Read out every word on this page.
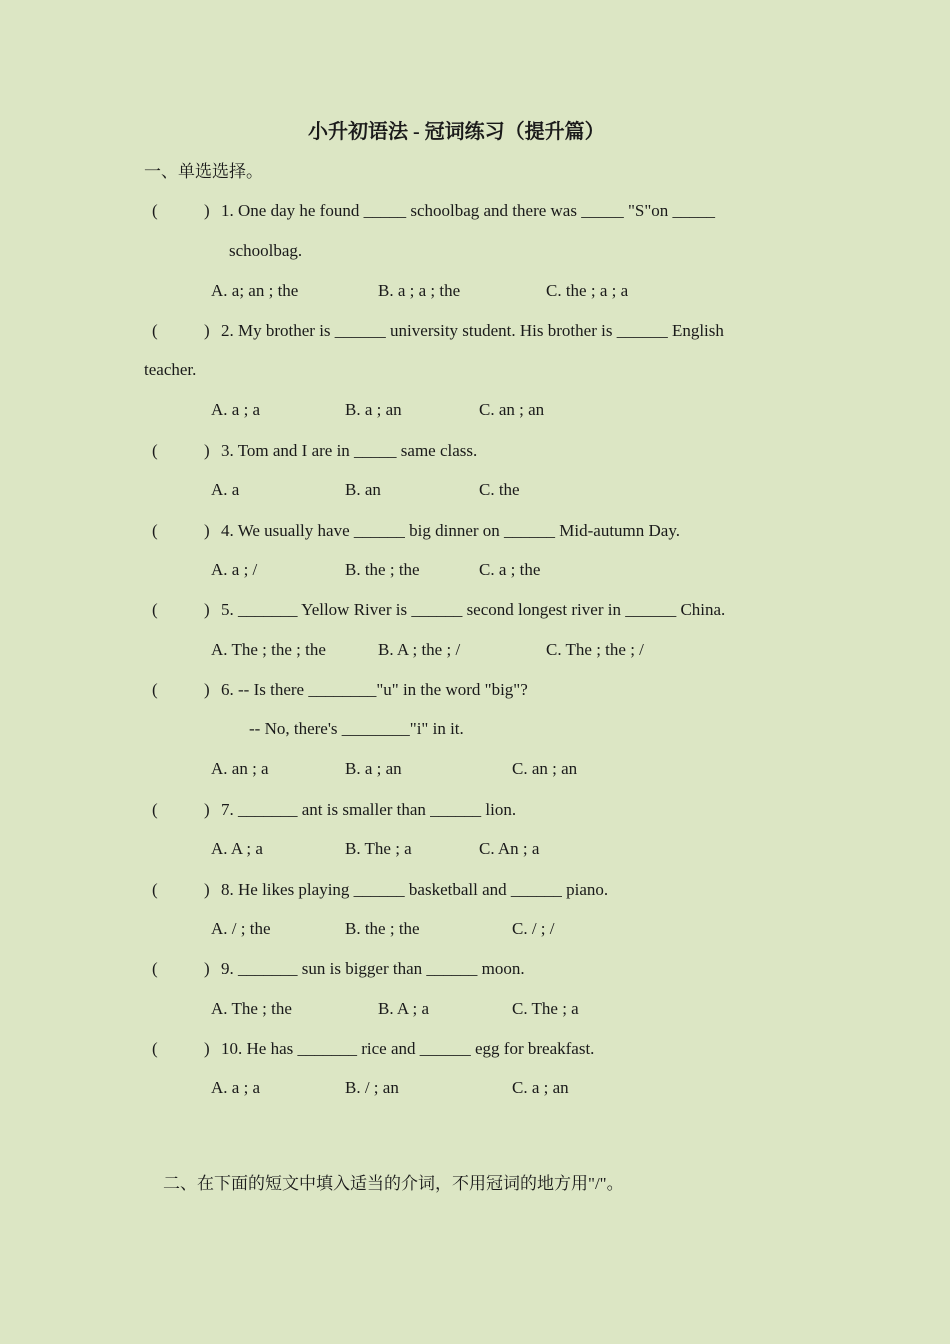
小升初语法 - 冠词练习（提升篇）
一、单选选择。
(	) 1. One day he found _____ schoolbag and there was _____ "S"on _____
schoolbag.
A. a; an ; the	B. a ; a ; the	C. the ; a ; a
(	) 2. My brother is ______ university student. His brother is ______ English
teacher.
A. a ; a	B. a ; an	C. an ; an
(	) 3. Tom and I are in _____ same class.
A. a	B. an	C. the
(	) 4. We usually have ______ big dinner on ______ Mid-autumn Day.
A. a ; /	B. the ; the	C. a ; the
(	) 5. _______ Yellow River is ______ second longest river in ______ China.
A. The ; the ; the	B. A ; the ; /	C. The ; the ; /
(	) 6. -- Is there ________"u" in the word "big"?
-- No, there's ________"i" in it.
A. an ; a	B. a ; an	C. an ; an
(	) 7. _______ ant is smaller than ______ lion.
A. A ; a	B. The ; a	C. An ; a
(	) 8. He likes playing ______ basketball and ______ piano.
A. / ; the	B. the ; the	C. / ; /
(	) 9. _______ sun is bigger than ______ moon.
A. The ; the	B. A ; a	C. The ; a
(	) 10. He has _______ rice and ______ egg for breakfast.
A. a ; a	B. / ; an	C. a ; an
二、在下面的短文中填入适当的介词，不用冠词的地方用"/"。
